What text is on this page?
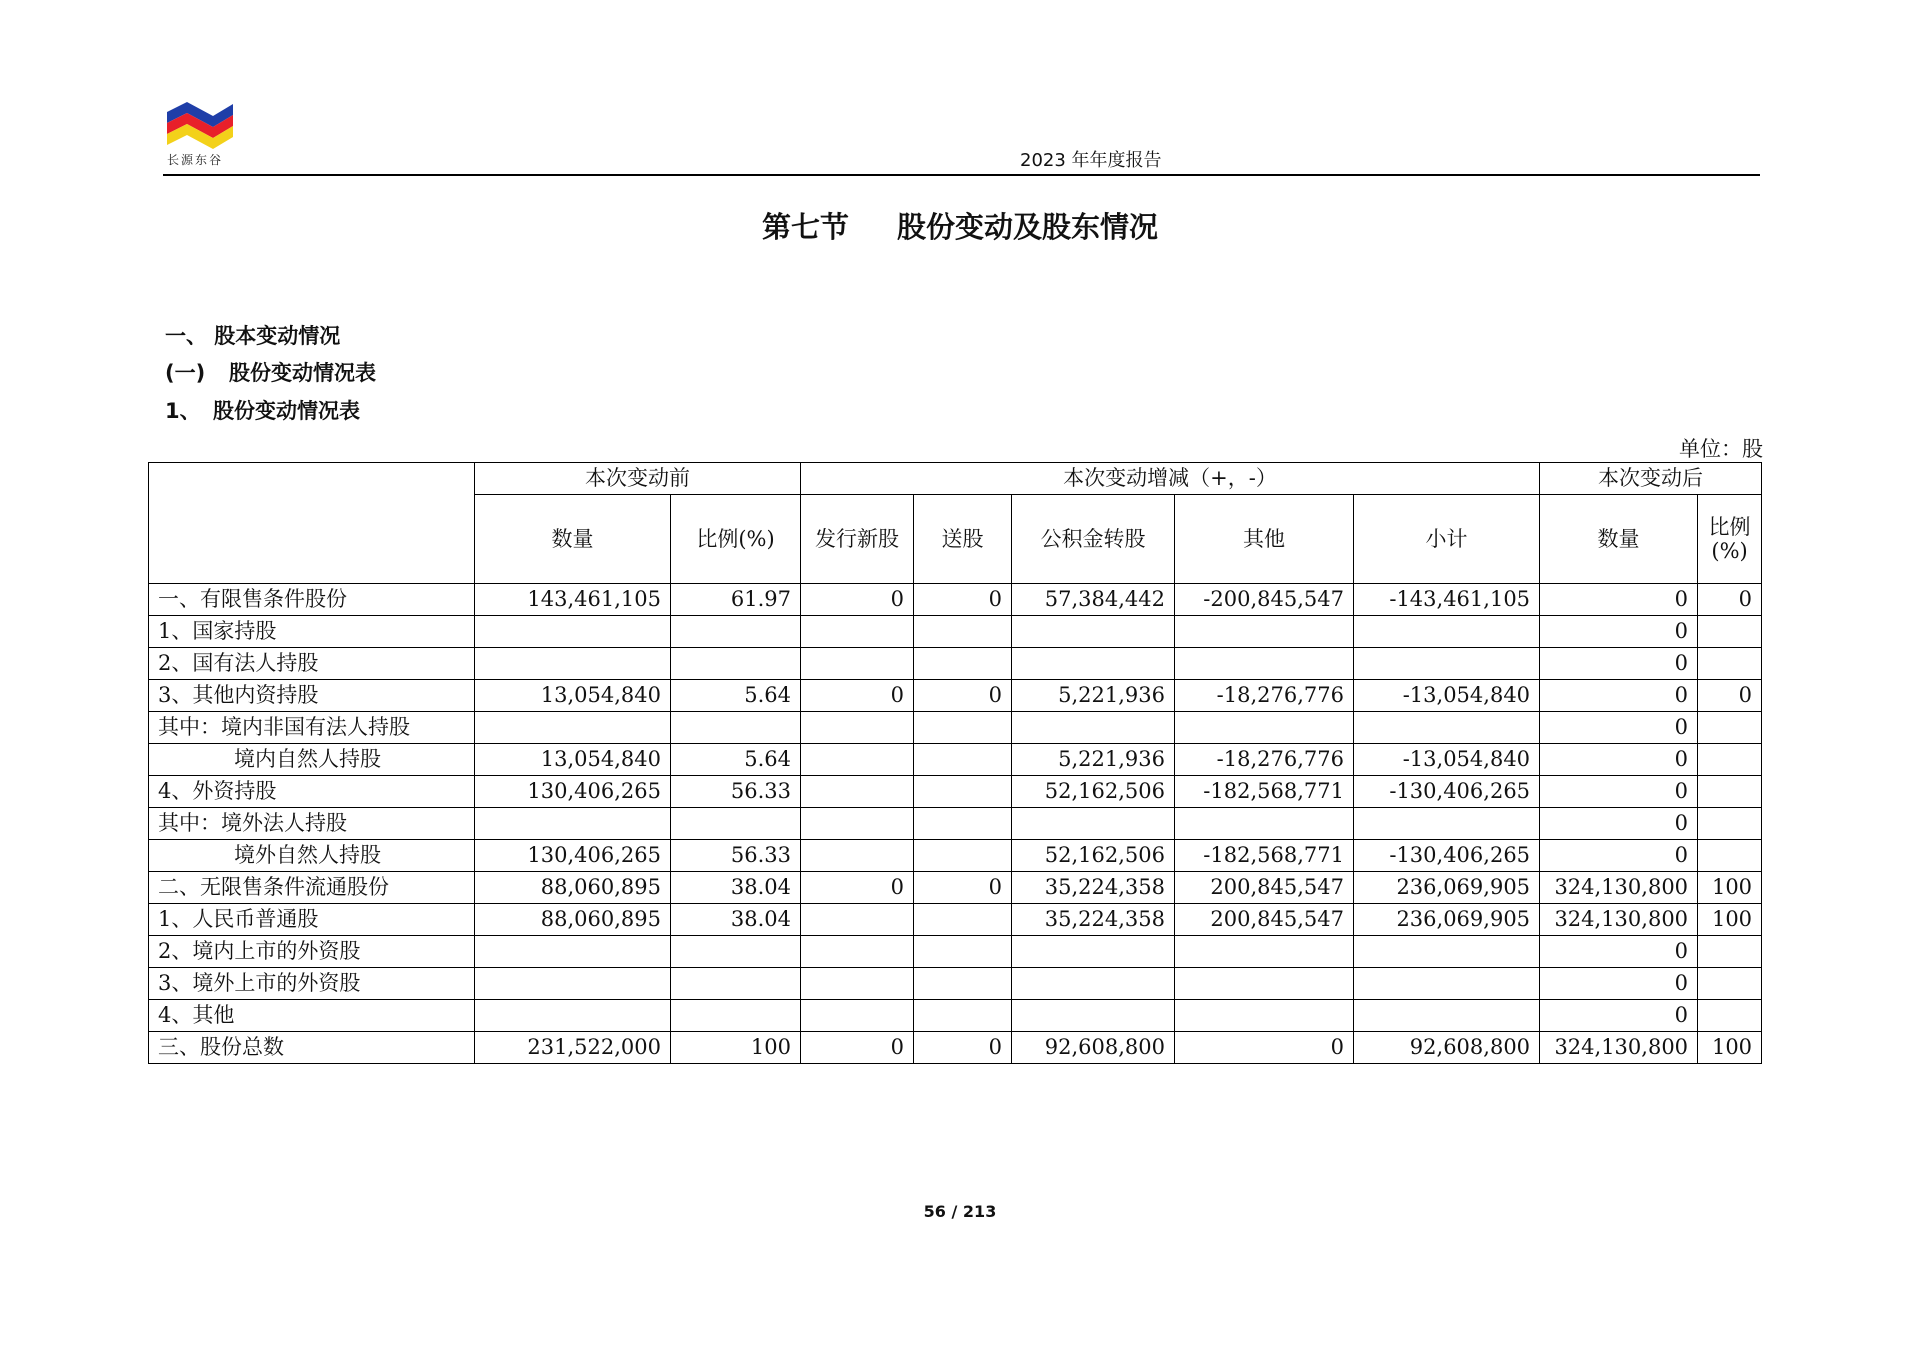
长源东谷	2023 年年度报告
第七节 股份变动及股东情况
一、 股本变动情况
(一) 股份变动情况表
1、 股份变动情况表
单位：股
	本次变动前		本次变动增减（+，-）					本次变动后	
	数量	比例(%)	发行新股	送股	公积金转股	其他	小计	数量	比例(%)
一、有限售条件股份	143,461,105	61.97	0	0	57,384,442	-200,845,547	-143,461,105	0	0
1、国家持股								0	
2、国有法人持股								0	
3、其他内资持股	13,054,840	5.64	0	0	5,221,936	-18,276,776	-13,054,840	0	0
其中：境内非国有法人持股								0	
境内自然人持股	13,054,840	5.64			5,221,936	-18,276,776	-13,054,840	0	
4、外资持股	130,406,265	56.33			52,162,506	-182,568,771	-130,406,265	0	
其中：境外法人持股								0	
境外自然人持股	130,406,265	56.33			52,162,506	-182,568,771	-130,406,265	0	
二、无限售条件流通股份	88,060,895	38.04	0	0	35,224,358	200,845,547	236,069,905	324,130,800	100
1、人民币普通股	88,060,895	38.04			35,224,358	200,845,547	236,069,905	324,130,800	100
2、境内上市的外资股								0	
3、境外上市的外资股								0	
4、其他								0	
三、股份总数	231,522,000	100	0	0	92,608,800	0	92,608,800	324,130,800	100
56 / 213
